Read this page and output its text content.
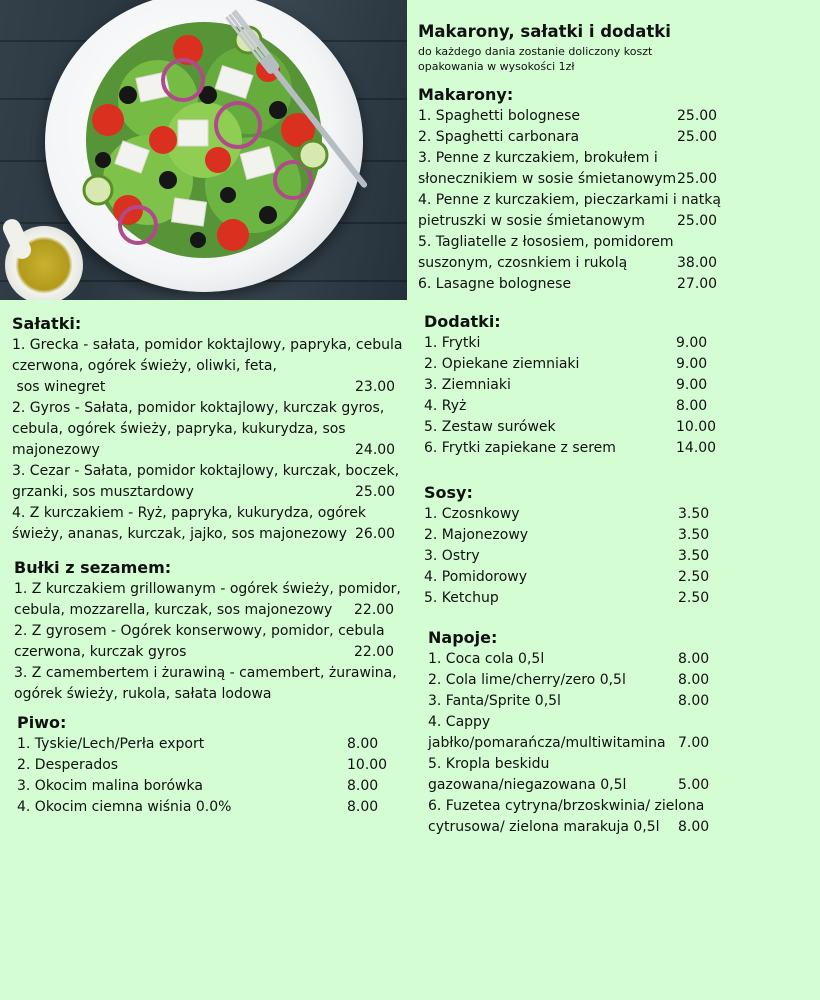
Makarony, sałatki i dodatki
do każdego dania zostanie doliczony koszt
opakowania w wysokości 1zł
Makarony:
1. Spaghetti bolognese	25.00
2. Spaghetti carbonara	25.00
3. Penne z kurczakiem, brokułem i
słonecznikiem w sosie śmietanowym 25.00
4. Penne z kurczakiem, pieczarkami i natką
pietruszki w sosie śmietanowym 25.00
5. Tagliatelle z łososiem, pomidorem
suszonym, czosnkiem i rukolą	38.00
6. Lasagne bolognese	27.00
Sałatki:
1. Grecka - sałata, pomidor koktajlowy, papryka, cebula
czerwona, ogórek świeży, oliwki, feta,
sos winegret	23.00
2. Gyros - Sałata, pomidor koktajlowy, kurczak gyros,
cebula, ogórek świeży, papryka, kukurydza, sos
majonezowy	24.00
3. Cezar - Sałata, pomidor koktajlowy, kurczak, boczek,
grzanki, sos musztardowy	25.00
4. Z kurczakiem - Ryż, papryka, kukurydza, ogórek
świeży, ananas, kurczak, jajko, sos majonezowy 26.00
Bułki z sezamem:
1. Z kurczakiem grillowanym - ogórek świeży, pomidor,
cebula, mozzarella, kurczak, sos majonezowy 22.00
2. Z gyrosem - Ogórek konserwowy, pomidor, cebula
czerwona, kurczak gyros	22.00
3. Z camembertem i żurawiną - camembert, żurawina,
ogórek świeży, rukola, sałata lodowa
Piwo:
1. Tyskie/Lech/Perła export	8.00
2. Desperados	10.00
3. Okocim malina borówka	8.00
4. Okocim ciemna wiśnia 0.0%	8.00
Dodatki:
1. Frytki	9.00
2. Opiekane ziemniaki	9.00
3. Ziemniaki	9.00
4. Ryż	8.00
5. Zestaw surówek	10.00
6. Frytki zapiekane z serem	14.00
Sosy:
1. Czosnkowy	3.50
2. Majonezowy	3.50
3. Ostry	3.50
4. Pomidorowy	2.50
5. Ketchup	2.50
Napoje:
1. Coca cola 0,5l	8.00
2. Cola lime/cherry/zero 0,5l	8.00
3. Fanta/Sprite 0,5l	8.00
4. Cappy
jabłko/pomarańcza/multiwitamina 7.00
5. Kropla beskidu
gazowana/niegazowana 0,5l	5.00
6. Fuzetea cytryna/brzoskwinia/ zielona
cytrusowa/ zielona marakuja 0,5l 8.00
